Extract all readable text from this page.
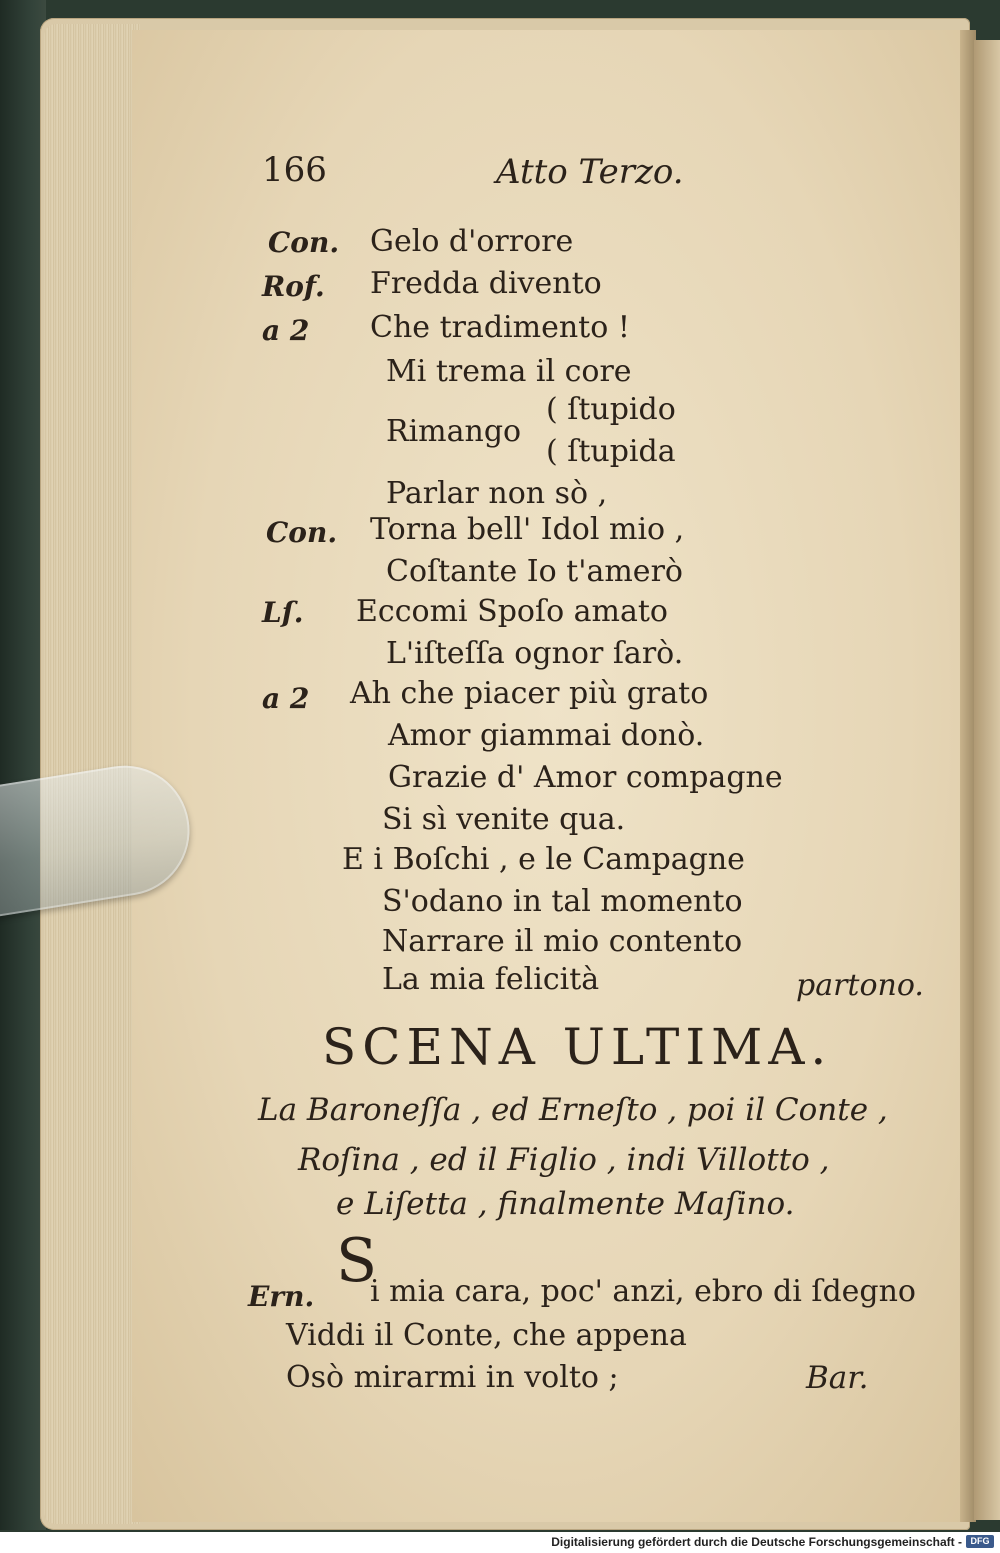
166	Atto Terzo.
Con. Gelo d'orrore
Rof. Fredda divento
a 2 Che tradimento !
Mi trema il core
Rimango
( ſtupido
( ſtupida
Parlar non sò ,
Con. Torna bell' Idol mio ,
Coſtante Io t'amerò
Lſ. Eccomi Spoſo amato
L'iſteſſa ognor ſarò.
a 2 Ah che piacer più grato
Amor giammai donò.
Grazie d' Amor compagne
Si sì venite qua.
E i Boſchi , e le Campagne
S'odano in tal momento
Narrare il mio contento
La mia felicità	partono.
SCENA ULTIMA.
La Baroneſſa , ed Erneſto , poi il Conte ,
Roſina , ed il Figlio , indi Villotto ,
e Liſetta , finalmente Maſino.
Ern.
S
i mia cara, poc' anzi, ebro di ſdegno
Viddi il Conte, che appena
Osò mirarmi in volto ;	Bar.
Digitalisierung gefördert durch die Deutsche Forschungsgemeinschaft - DFG
